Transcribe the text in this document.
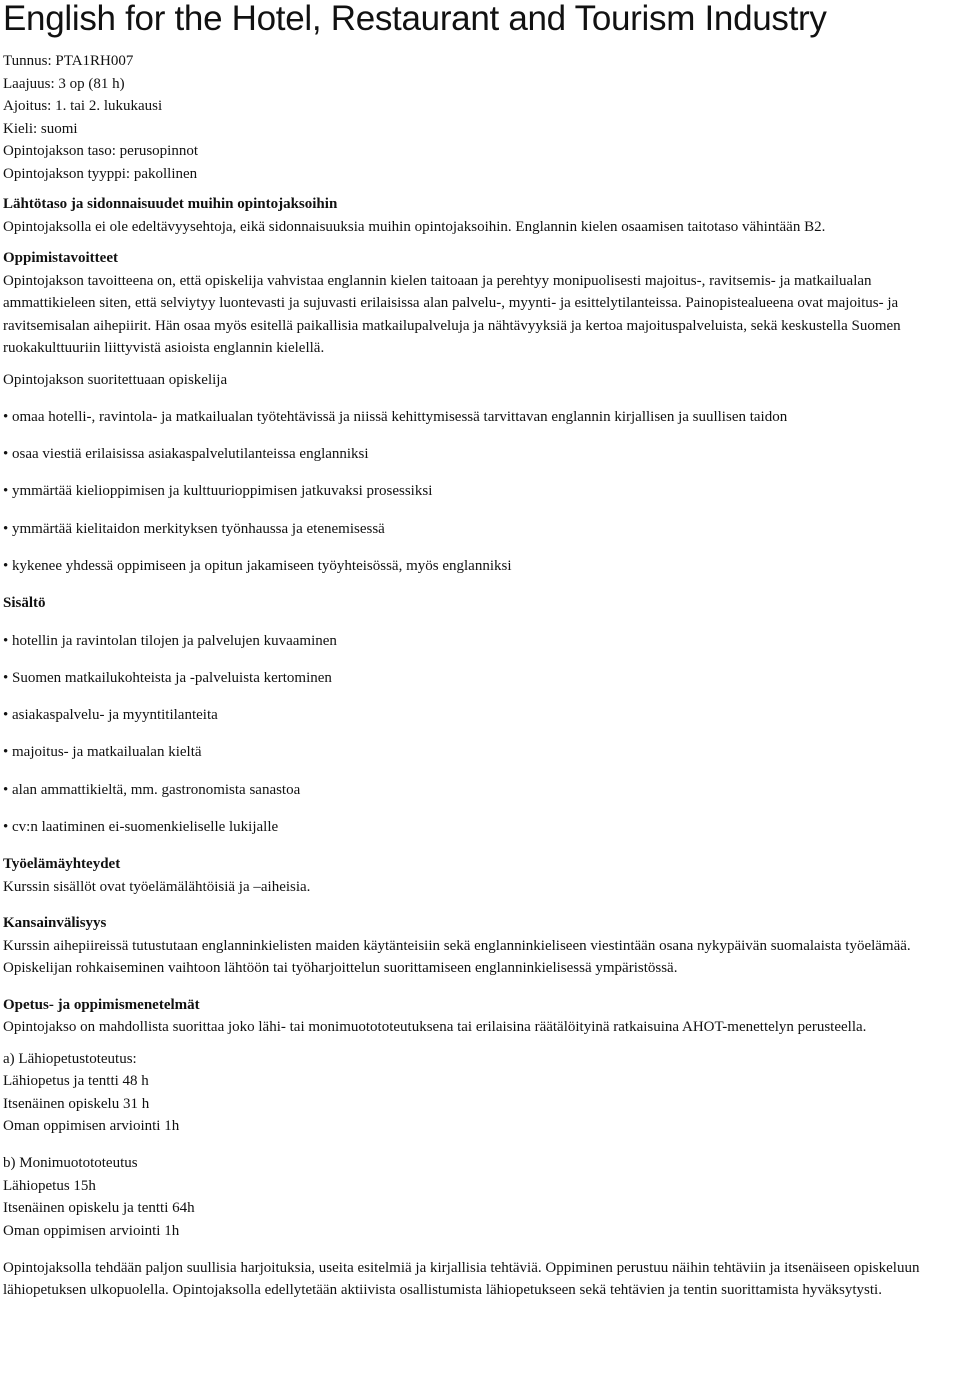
English for the Hotel, Restaurant and Tourism Industry
Tunnus: PTA1RH007
Laajuus: 3 op (81 h)
Ajoitus: 1. tai 2. lukukausi
Kieli: suomi
Opintojakson taso: perusopinnot
Opintojakson tyyppi: pakollinen

Lähtötaso ja sidonnaisuudet muihin opintojaksoihin

Opintojaksolla ei ole edeltävyysehtoja, eikä sidonnaisuuksia muihin opintojaksoihin. Englannin kielen osaamisen taitotaso vähintään B2.

Oppimistavoitteet

Opintojakson tavoitteena on, että opiskelija vahvistaa englannin kielen taitoaan ja perehtyy monipuolisesti majoitus-, ravitsemis- ja matkailualan ammattikieleen siten, että selviytyy luontevasti ja sujuvasti erilaisissa alan palvelu-, myynti- ja esittelytilanteissa. Painopistealueena ovat majoitus- ja ravitsemisalan aihepiirit. Hän osaa myös esitellä paikallisia matkailupalveluja ja nähtävyyksiä ja kertoa majoituspalveluista, sekä keskustella Suomen ruokakulttuuriin liittyvistä asioista englannin kielellä.

Opintojakson suoritettuaan opiskelija

• omaa hotelli-, ravintola- ja matkailualan työtehtävissä ja niissä kehittymisessä tarvittavan englannin kirjallisen ja suullisen taidon
• osaa viestiä erilaisissa asiakaspalvelutilanteissa englanniksi
• ymmärtää kielioppimisen ja kulttuurioppimisen jatkuvaksi prosessiksi
• ymmärtää kielitaidon merkityksen työnhaussa ja etenemisessä
• kykenee yhdessä oppimiseen ja opitun jakamiseen työyhteisössä, myös englanniksi

Sisältö

• hotellin ja ravintolan tilojen ja palvelujen kuvaaminen
• Suomen matkailukohteista ja -palveluista kertominen
• asiakaspalvelu- ja myyntitilanteita
• majoitus- ja matkailualan kieltä
• alan ammattikieltä, mm. gastronomista sanastoa
• cv:n laatiminen ei-suomenkieliselle lukijalle

Työelämäyhteydet

Kurssin sisällöt ovat työelämälähtöisiä ja –aiheisia.

Kansainvälisyys

Kurssin aihepiireissä tutustutaan englanninkielisten maiden käytänteisiin sekä englanninkieliseen viestintään osana nykypäivän suomalaista työelämää. Opiskelijan rohkaiseminen vaihtoon lähtöön tai työharjoittelun suorittamiseen englanninkielisessä ympäristössä.

Opetus- ja oppimismenetelmät

Opintojakso on mahdollista suorittaa joko lähi- tai monimuotototeutuksena tai erilaisina räätälöityinä ratkaisuina AHOT-menettelyn perusteella.

a) Lähiopetustoteutus:

Lähiopetus ja tentti 48 h

Itsenäinen opiskelu 31 h

Oman oppimisen arviointi 1h

b) Monimuotototeutus

Lähiopetus 15h

Itsenäinen opiskelu ja tentti 64h

Oman oppimisen arviointi 1h

Opintojaksolla tehdään paljon suullisia harjoituksia, useita esitelmiä ja kirjallisia tehtäviä. Oppiminen perustuu näihin tehtäviin ja itsenäiseen opiskeluun lähiopetuksen ulkopuolella. Opintojaksolla edellytetään aktiivista osallistumista lähiopetukseen sekä tehtävien ja tentin suorittamista hyväksytysti.
